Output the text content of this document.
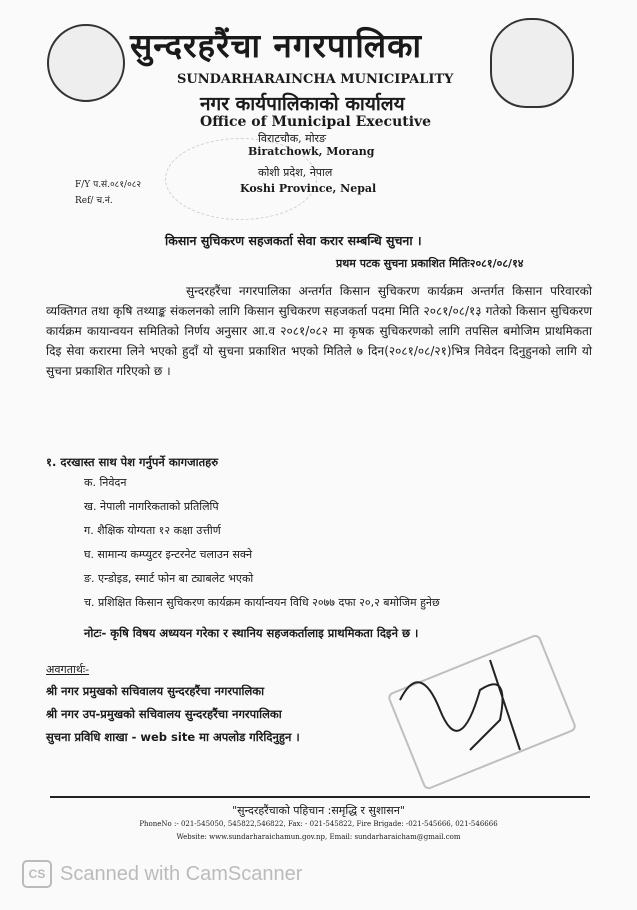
सुन्दरहरैंचा नगरपालिका
SUNDARHARAINCHA MUNICIPALITY
नगर कार्यपालिकाको कार्यालय
Office of Municipal Executive
विराटचौक, मोरङ
Biratchowk, Morang
कोशी प्रदेश, नेपाल
Koshi Province, Nepal
F/Y प.सं.०८१/०८२
Ref/ च.नं.
किसान सुचिकरण सहजकर्ता सेवा करार सम्बन्धि सुचना ।
प्रथम पटक सुचना प्रकाशित मितिः२०८१/०८/१४
सुन्दरहरैंचा नगरपालिका अन्तर्गत किसान सुचिकरण कार्यक्रम अन्तर्गत किसान परिवारको व्यक्तिगत तथा कृषि तथ्याङ्क संकलनको लागि किसान सुचिकरण सहजकर्ता पदमा मिति २०८१/०८/१३ गतेको किसान सुचिकरण कार्यक्रम कायान्वयन समितिको निर्णय अनुसार आ.व २०८१/०८२ मा कृषक सुचिकरणको लागि तपसिल बमोजिम प्राथमिकता दिइ सेवा करारमा लिने भएको हुदाँ यो सुचना प्रकाशित भएको मितिले ७ दिन(२०८१/०८/२१)भित्र निवेदन दिनुहुनको लागि यो सुचना प्रकाशित गरिएको छ ।
१. दरखास्त साथ पेश गर्नुपर्ने कागजातहरु
क. निवेदन
ख. नेपाली नागरिकताको प्रतिलिपि
ग. शैक्षिक योग्यता १२ कक्षा उत्तीर्ण
घ. सामान्य कम्प्युटर इन्टरनेट चलाउन सक्ने
ङ. एन्डोइड, स्मार्ट फोन बा ट्याबलेट भएको
च. प्रशिक्षित किसान सुचिकरण कार्यक्रम कार्यान्वयन विधि २०७७ दफा २०,२ बमोजिम हुनेछ
नोटः- कृषि विषय अध्ययन गरेका र स्थानिय सहजकर्तालाइ प्राथमिकता दिइने छ ।
अवगतार्थः-
श्री नगर प्रमुखको सचिवालय सुन्दरहरैंचा नगरपालिका
श्री नगर उप-प्रमुखको सचिवालय सुन्दरहरैंचा नगरपालिका
सुचना प्रविधि शाखा - web site मा अपलोड गरिदिनुहुन ।
"सुन्दरहरैंचाको पहिचान :समृद्धि र सुशासन"
PhoneNo :- 021-545050, 545822,546822, Fax: - 021-545822, Fire Brigade: -021-545666, 021-546666
Website: www.sundarharaichamun.gov.np, Email: sundarharaicham@gmail.com
CS Scanned with CamScanner
